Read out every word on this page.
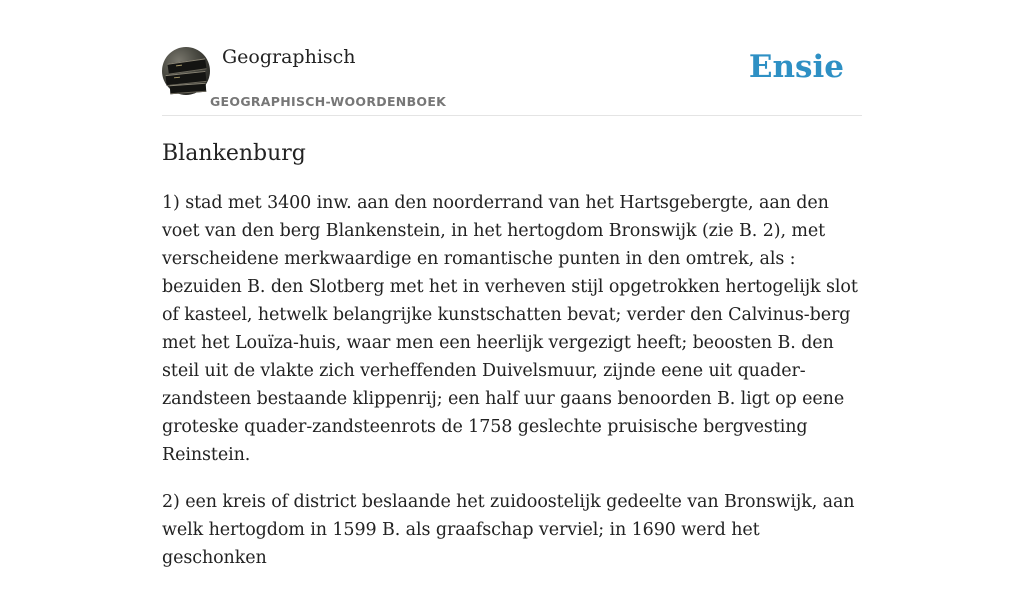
Geographisch
GEOGRAPHISCH-WOORDENBOEK
Ensie
Blankenburg

1) stad met 3400 inw. aan den noorderrand van het Hartsgebergte, aan den voet van den berg Blankenstein, in het hertogdom Bronswijk (zie B. 2), met verscheidene merkwaardige en romantische punten in den omtrek, als : bezuiden B. den Slotberg met het in verheven stijl opgetrokken hertogelijk slot of kasteel, hetwelk belangrijke kunstschatten bevat; verder den Calvinus-berg met het Louïza-huis, waar men een heerlijk vergezigt heeft; beoosten B. den steil uit de vlakte zich verheffenden Duivelsmuur, zijnde eene uit quader-zandsteen bestaande klippenrij; een half uur gaans benoorden B. ligt op eene groteske quader-zandsteenrots de 1758 geslechte pruisische bergvesting Reinstein.

2) een kreis of district beslaande het zuidoostelijk gedeelte van Bronswijk, aan welk hertogdom in 1599 B. als graafschap verviel; in 1690 werd het geschonken
